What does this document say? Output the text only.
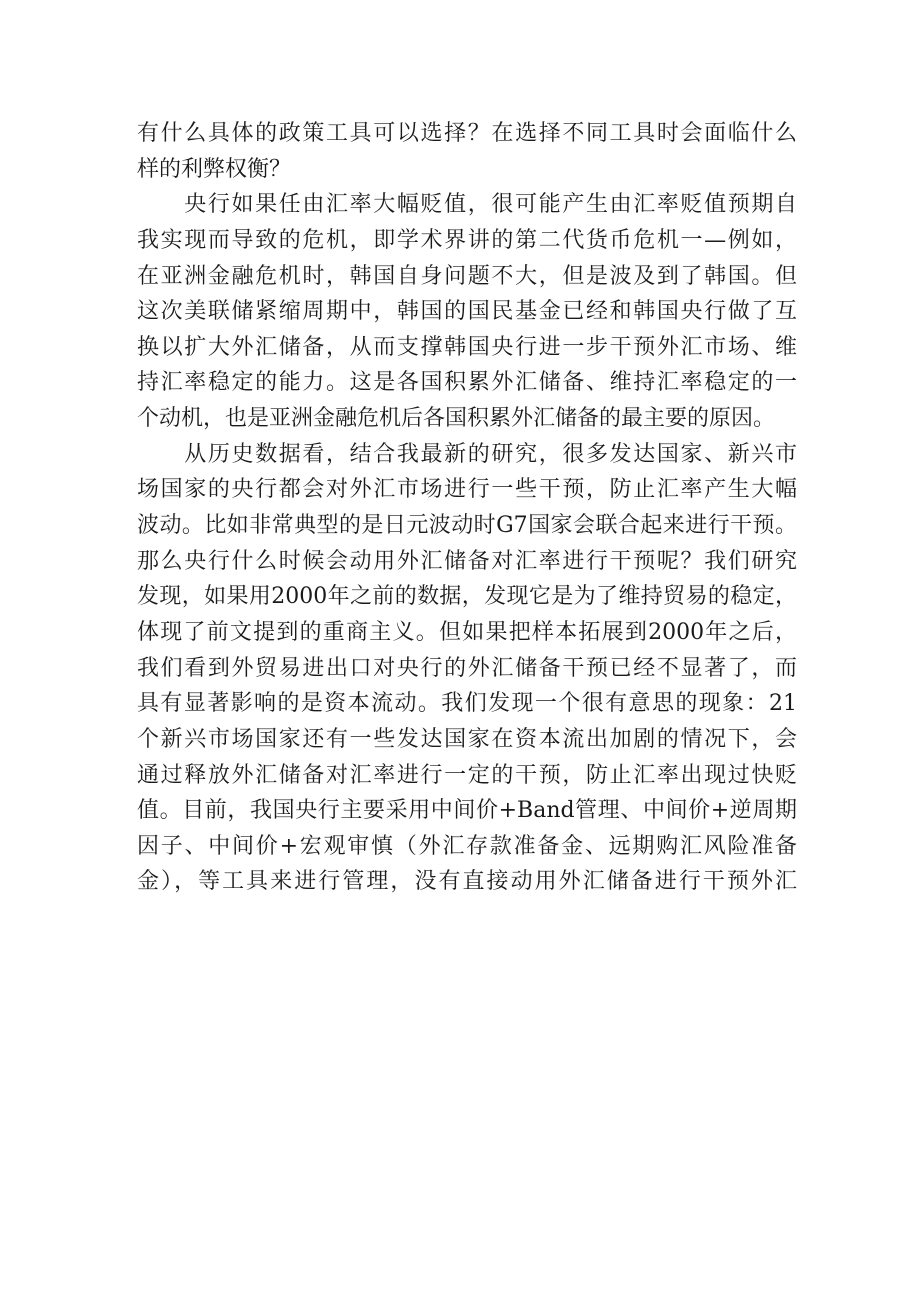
有什么具体的政策工具可以选择？在选择不同工具时会面临什么
样的利弊权衡？
　　央行如果任由汇率大幅贬值，很可能产生由汇率贬值预期自
我实现而导致的危机，即学术界讲的第二代货币危机一—例如，
在亚洲金融危机时，韩国自身问题不大，但是波及到了韩国。但
这次美联储紧缩周期中，韩国的国民基金已经和韩国央行做了互
换以扩大外汇储备，从而支撑韩国央行进一步干预外汇市场、维
持汇率稳定的能力。这是各国积累外汇储备、维持汇率稳定的一
个动机，也是亚洲金融危机后各国积累外汇储备的最主要的原因。
　　从历史数据看，结合我最新的研究，很多发达国家、新兴市
场国家的央行都会对外汇市场进行一些干预，防止汇率产生大幅
波动。比如非常典型的是日元波动时G7国家会联合起来进行干预。
那么央行什么时候会动用外汇储备对汇率进行干预呢？我们研究
发现，如果用2000年之前的数据，发现它是为了维持贸易的稳定，
体现了前文提到的重商主义。但如果把样本拓展到2000年之后，
我们看到外贸易进出口对央行的外汇储备干预已经不显著了，而
具有显著影响的是资本流动。我们发现一个很有意思的现象：21
个新兴市场国家还有一些发达国家在资本流出加剧的情况下，会
通过释放外汇储备对汇率进行一定的干预，防止汇率出现过快贬
值。目前，我国央行主要采用中间价+Band管理、中间价+逆周期
因子、中间价+宏观审慎（外汇存款准备金、远期购汇风险准备
金），等工具来进行管理，没有直接动用外汇储备进行干预外汇
